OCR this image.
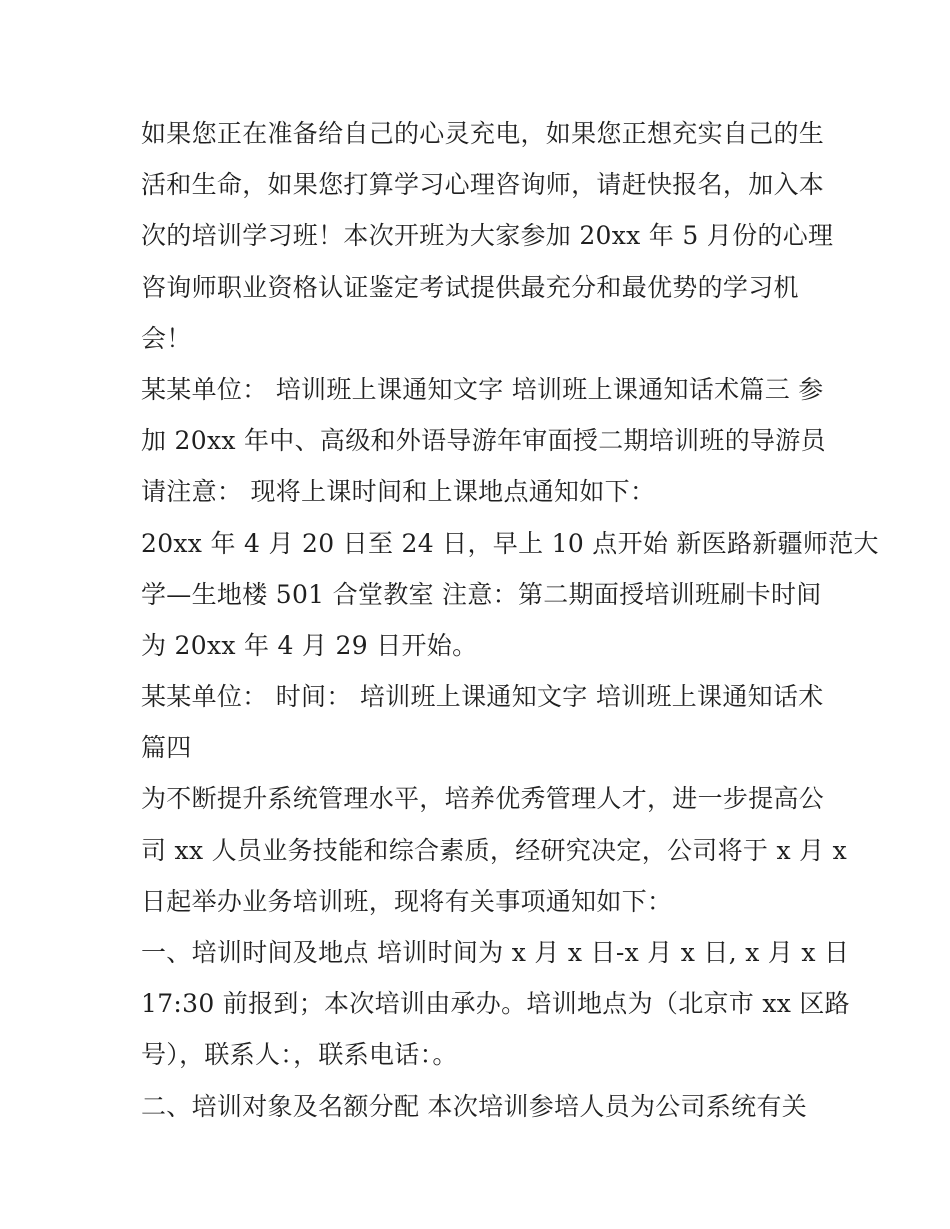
如果您正在准备给自己的心灵充电，如果您正想充实自己的生
活和生命，如果您打算学习心理咨询师，请赶快报名，加入本
次的培训学习班！本次开班为大家参加 20xx 年 5 月份的心理
咨询师职业资格认证鉴定考试提供最充分和最优势的学习机
会！
某某单位： 培训班上课通知文字 培训班上课通知话术篇三 参
加 20xx 年中、高级和外语导游年审面授二期培训班的导游员
请注意： 现将上课时间和上课地点通知如下：
20xx 年 4 月 20 日至 24 日，早上 10 点开始 新医路新疆师范大
学—生地楼 501 合堂教室 注意：第二期面授培训班刷卡时间
为 20xx 年 4 月 29 日开始。
某某单位： 时间： 培训班上课通知文字 培训班上课通知话术
篇四
为不断提升系统管理水平，培养优秀管理人才，进一步提高公
司 xx 人员业务技能和综合素质，经研究决定，公司将于 x 月 x
日起举办业务培训班，现将有关事项通知如下：
一、培训时间及地点 培训时间为 x 月 x 日-x 月 x 日, x 月 x 日
17:30 前报到；本次培训由承办。培训地点为（北京市 xx 区路
号），联系人：，联系电话：。
二、培训对象及名额分配 本次培训参培人员为公司系统有关
